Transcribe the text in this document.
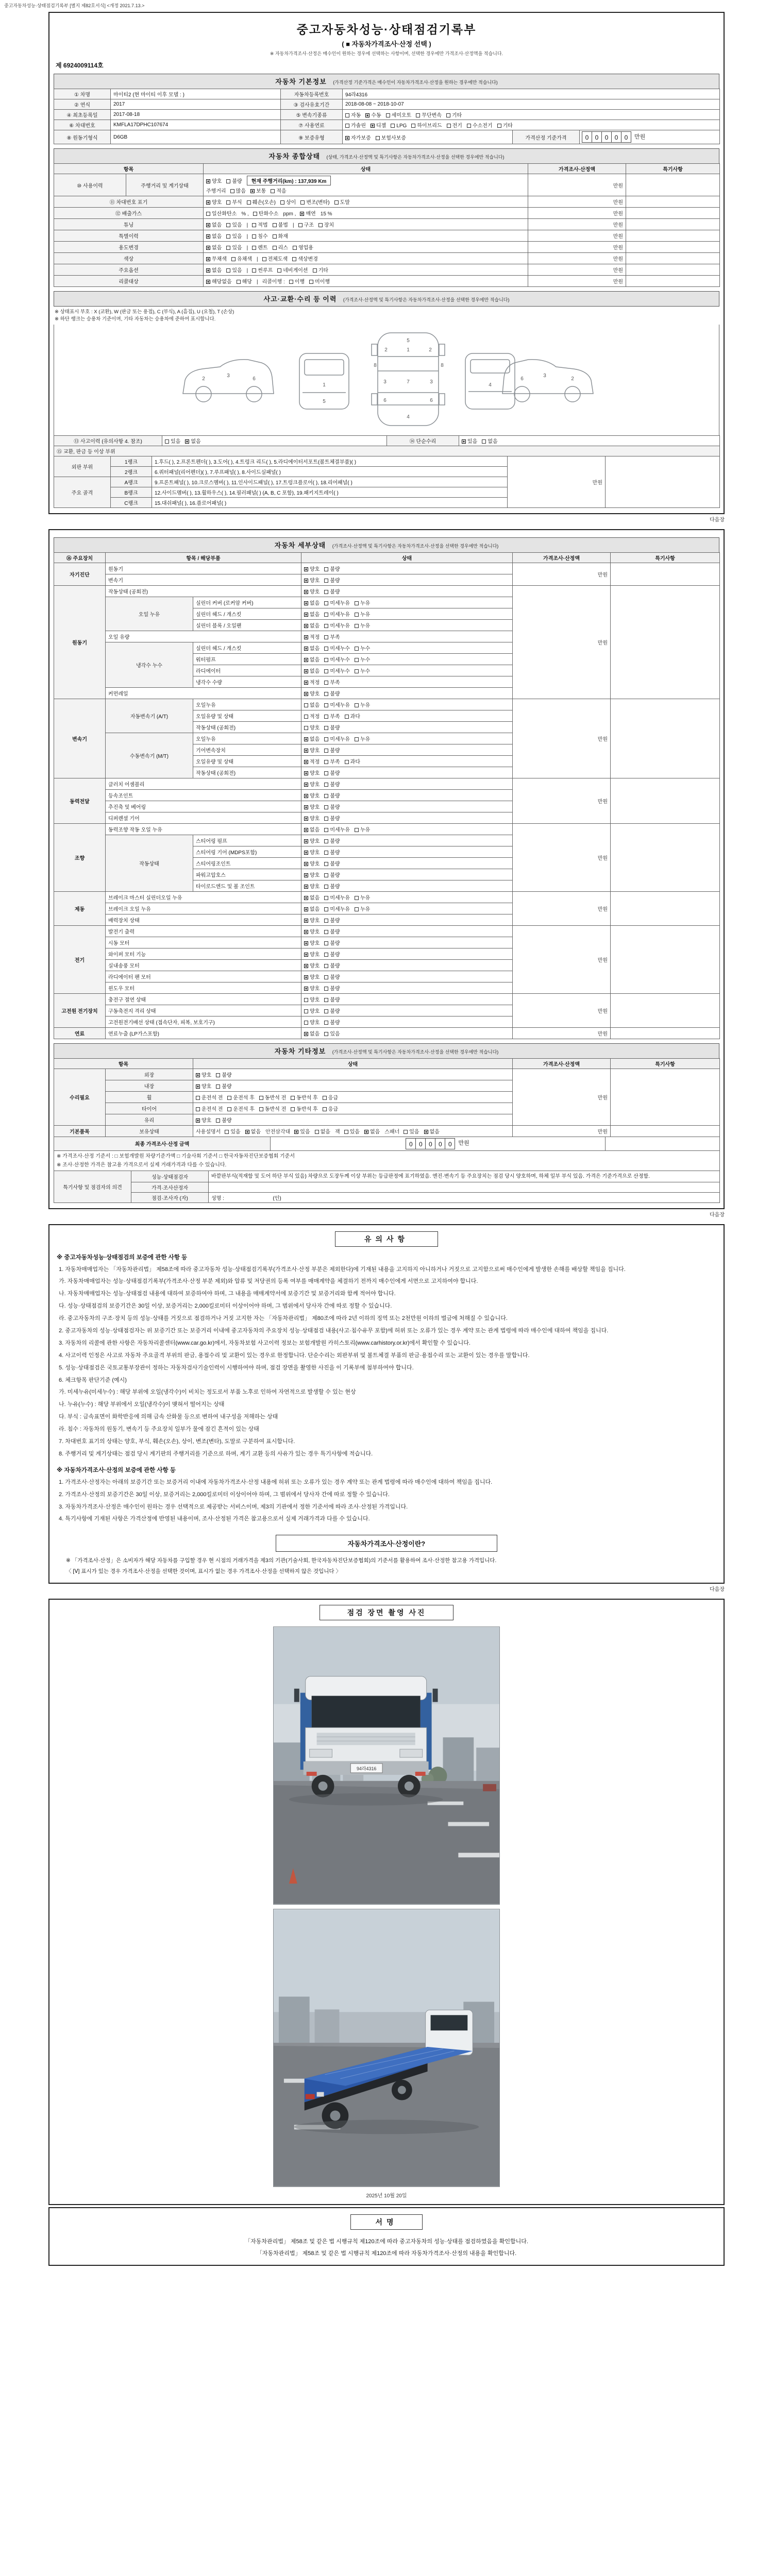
중고자동차성능·상태점검기록부 [별지 제82호서식] <개정 2021.7.13.>
중고자동차성능·상태점검기록부
( ■ 자동차가격조사·산정 선택 )
※ 자동차가격조사·산정은 매수인이 원하는 경우에 선택하는 사항이며, 선택한 경우에만 가격조사·산정액을 적습니다.
제 6924009114호
자동차 기본정보 (가격산정 기준가격은 매수인이 자동차가격조사·산정을 원하는 경우에만 적습니다)
① 차명	마이티2 (현 마이티 이후 모델 : )	자동차등록번호	94라4316		
② 연식	2017	③ 검사유효기간	2018-08-08 ~ 2018-10-07		
④ 최초등록일	2017-08-18	⑤ 변속기종류	자동 수동 세미오토 무단변속 기타		
⑥ 차대번호	KMFLA17DPHC107674	⑦ 사용연료	가솔린 디젤 LPG 하이브리드 전기 수소전기 기타		
⑧ 원동기형식	D6GB	⑨ 보증유형	자가보증 보험사보증	가격산정 기준가격	0 0 0 0 0 만원
자동차 종합상태 (상태, 가격조사·산정액 및 특기사항은 자동차가격조사·산정을 선택한 경우에만 적습니다)
항목		상태	가격조사·산정액	특기사항
⑩ 사용이력	주행거리 및 계기상태	양호 불량 현재 주행거리(km) : 137,939 Km
주행거리 많음 보통 적음	만원	
⑪ 차대번호 표기		양호 부식 훼손(오손) 상이 변조(변타) 도말	만원	
⑫ 배출가스		일산화탄소 % , 탄화수소 ppm , 매연 15 %	만원	
튜닝		없음 있음 | 적법 불법 | 구조 장치	만원	
특별이력		없음 있음 | 침수 화재	만원	
용도변경		없음 있음 | 렌트 리스 영업용	만원	
색상		무채색 유채색 | 전체도색 색상변경	만원	
주요옵션		없음 있음 | 썬루프 네비게이션 기타	만원	
리콜대상		해당없음 해당 | 리콜이행 : 이행 미이행	만원	
사고·교환·수리 등 이력 (가격조사·산정액 및 특기사항은 자동차가격조사·산정을 선택한 경우에만 적습니다)
※ 상태표시 부호 : X (교환), W (판금 또는 용접), C (부식), A (흠집), U (요철), T (손상)
※ 하단 랭크는 승용차 기준이며, 기타 자동차는 승용차에 준하여 표시합니다.
2
3
6
1
5
5
1
2	2
3	3
7
6	6
4
8	8
4
6
3
2
⑬ 사고이력 (유의사항 4. 참조)	있음 없음	⑭ 단순수리	있음 없음
⑮ 교환, 판금 등 이상 부위				
외판 부위	1랭크	1.후드( ), 2.프론트펜더( ), 3.도어( ), 4.트렁크 리드( ), 5.라디에이터서포트(볼트체결부품)( )	만원	
	2랭크	6.쿼터패널(리어펜더)( ), 7.루프패널( ), 8.사이드실패널( )		
주요 골격	A랭크	9.프론트패널( ), 10.크로스멤버( ), 11.인사이드패널( ), 17.트렁크플로어( ), 18.리어패널( )		
	B랭크	12.사이드멤버( ), 13.휠하우스( ), 14.필러패널( ) (A, B, C 포함), 19.패키지트레이( )		
	C랭크	15.대쉬패널( ), 16.플로어패널( )		
다음장
자동차 세부상태 (가격조사·산정액 및 특기사항은 자동차가격조사·산정을 선택한 경우에만 적습니다)
⑯ 주요장치	항목 / 해당부품		상태	가격조사·산정액	특기사항
자기진단	원동기		양호 불량	만원	
	변속기		양호 불량		

원동기	작동상태 (공회전)		양호 불량	만원	
	오일 누유	실린더 커버 (로커암 커버)	없음 미세누유 누유		

		실린더 헤드 / 개스킷	없음 미세누유 누유		

		실린더 블록 / 오일팬	없음 미세누유 누유		

	오일 유량		적정 부족		

	냉각수 누수	실린더 헤드 / 개스킷	없음 미세누수 누수		

		워터펌프	없음 미세누수 누수		

		라디에이터	없음 미세누수 누수		

		냉각수 수량	적정 부족		

	커먼레일		양호 불량		

변속기	자동변속기 (A/T)	오일누유	없음 미세누유 누유	만원	
		오일유량 및 상태	적정 부족 과다		

		작동상태 (공회전)	양호 불량		

	수동변속기 (M/T)	오일누유	없음 미세누유 누유		

		기어변속장치	양호 불량		

		오일유량 및 상태	적정 부족 과다		

		작동상태 (공회전)	양호 불량		

동력전달	클러치 어셈블리		양호 불량	만원	
	등속조인트		양호 불량		

	추진축 및 베어링		양호 불량		

	디퍼렌셜 기어		양호 불량		

조향	동력조향 작동 오일 누유		없음 미세누유 누유	만원	
	작동상태	스티어링 펌프	양호 불량		

		스티어링 기어 (MDPS포함)	양호 불량		

		스티어링조인트	양호 불량		

		파워고압호스	양호 불량		

		타이로드엔드 및 볼 조인트	양호 불량		

제동	브레이크 마스터 실린더오일 누유		없음 미세누유 누유	만원	
	브레이크 오일 누유		없음 미세누유 누유		

	배력장치 상태		양호 불량		

전기	발전기 출력		양호 불량	만원	
	시동 모터		양호 불량		

	와이퍼 모터 기능		양호 불량		

	실내송풍 모터		양호 불량		

	라디에이터 팬 모터		양호 불량		

	윈도우 모터		양호 불량		

고전원 전기장치	충전구 절연 상태		양호 불량	만원	
	구동축전지 격리 상태		양호 불량		

	고전원전기배선 상태 (접속단자, 피복, 보호기구)		양호 불량		

연료	연료누출 (LP가스포함)		없음 있음	만원	
자동차 기타정보 (가격조사·산정액 및 특기사항은 자동차가격조사·산정을 선택한 경우에만 적습니다)
항목		상태	가격조사·산정액	특기사항
수리필요	외장	양호 불량	만원	
	내장	양호 불량		

	휠	운전석 전 운전석 후 동반석 전 동반석 후 응급		

	타이어	운전석 전 운전석 후 동반석 전 동반석 후 응급		

	유리	양호 불량		

기본품목	보유상태	사용설명서 있음 없음 안전삼각대 있음 없음 잭 있음 없음 스패너 있음 없음	만원	
최종 가격조사·산정 금액	0 0 0 0 0 만원	

※ 가격조사·산정 기준서 : □ 보험개발원 차량기준가액 □ 기술사회 기준서 □ 한국자동차진단보증협회 기준서
※ 조사·산정한 가격은 참고용 가격으로서 실제 거래가격과 다를 수 있습니다.
특기사항 및 점검자의 의견	성능·상태점검자	바깥판부식(적재함 및 도어 하단 부식 있음) 차량으로 도장두께 이상 부위는 등급판정에 표기하였음. 엔진·변속기 등 주요장치는 점검 당시 양호하며, 하체 일부 부식 있음. 가격은 기준가격으로 산정함.
	가격·조사산정자	
	점검·조사자 (자)	성명 :                                  (인)
다음장
유의사항
※ 중고자동차성능·상태점검의 보증에 관한 사항 등
1. 자동차매매업자는 「자동차관리법」 제58조에 따라 중고자동차 성능·상태점검기록부(가격조사·산정 부분은 제외한다)에 기재된 내용을 고지하지 아니하거나 거짓으로 고지함으로써 매수인에게 발생한 손해를 배상할 책임을 집니다.
가. 자동차매매업자는 성능·상태점검기록부(가격조사·산정 부분 제외)와 압류 및 저당권의 등록 여부를 매매계약을 체결하기 전까지 매수인에게 서면으로 고지하여야 합니다.
나. 자동차매매업자는 성능·상태점검 내용에 대하여 보증하여야 하며, 그 내용을 매매계약서에 보증기간 및 보증거리와 함께 적어야 합니다.
다. 성능·상태점검의 보증기간은 30일 이상, 보증거리는 2,000킬로미터 이상이어야 하며, 그 범위에서 당사자 간에 따로 정할 수 있습니다.
라. 중고자동차의 구조·장치 등의 성능·상태를 거짓으로 점검하거나 거짓 고지한 자는 「자동차관리법」 제80조에 따라 2년 이하의 징역 또는 2천만원 이하의 벌금에 처해질 수 있습니다.
2. 중고자동차의 성능·상태점검자는 위 보증기간 또는 보증거리 이내에 중고자동차의 주요장치 성능·상태점검 내용(사고·침수유무 포함)에 허위 또는 오류가 있는 경우 계약 또는 관계 법령에 따라 매수인에 대하여 책임을 집니다.
3. 자동차의 리콜에 관한 사항은 자동차리콜센터(www.car.go.kr)에서, 자동차보험 사고이력 정보는 보험개발원 카히스토리(www.carhistory.or.kr)에서 확인할 수 있습니다.
4. 사고이력 인정은 사고로 자동차 주요골격 부위의 판금, 용접수리 및 교환이 있는 경우로 한정합니다. 단순수리는 외판부위 및 볼트체결 부품의 판금·용접수리 또는 교환이 있는 경우를 말합니다.
5. 성능·상태점검은 국토교통부장관이 정하는 자동차검사기술인력이 시행하여야 하며, 점검 장면을 촬영한 사진을 이 기록부에 첨부하여야 합니다.
6. 체크항목 판단기준 (예시)
가. 미세누유(미세누수) : 해당 부위에 오일(냉각수)이 비치는 정도로서 부품 노후로 인하여 자연적으로 발생할 수 있는 현상
나. 누유(누수) : 해당 부위에서 오일(냉각수)이 맺혀서 떨어지는 상태
다. 부식 : 금속표면이 화학반응에 의해 금속 산화물 등으로 변하여 내구성을 저해하는 상태
라. 침수 : 자동차의 원동기, 변속기 등 주요장치 일부가 물에 잠긴 흔적이 있는 상태
7. 차대번호 표기의 상태는 양호, 부식, 훼손(오손), 상이, 변조(변타), 도말로 구분하여 표시합니다.
8. 주행거리 및 계기상태는 점검 당시 계기판의 주행거리를 기준으로 하며, 계기 교환 등의 사유가 있는 경우 특기사항에 적습니다.
※ 자동차가격조사·산정의 보증에 관한 사항 등
1. 가격조사·산정자는 아래의 보증기간 또는 보증거리 이내에 자동차가격조사·산정 내용에 허위 또는 오류가 있는 경우 계약 또는 관계 법령에 따라 매수인에 대하여 책임을 집니다.
2. 가격조사·산정의 보증기간은 30일 이상, 보증거리는 2,000킬로미터 이상이어야 하며, 그 범위에서 당사자 간에 따로 정할 수 있습니다.
3. 자동차가격조사·산정은 매수인이 원하는 경우 선택적으로 제공받는 서비스이며, 제3의 기관에서 정한 기준서에 따라 조사·산정된 가격입니다.
4. 특기사항에 기재된 사항은 가격산정에 반영된 내용이며, 조사·산정된 가격은 참고용으로서 실제 거래가격과 다를 수 있습니다.
자동차가격조사·산정이란?
※ 「가격조사·산정」은 소비자가 해당 자동차를 구입할 경우 현 시점의 거래가격을 제3의 기관(기술사회, 한국자동차진단보증협회)의 기준서를 활용하여 조사·산정한 참고용 가격입니다.
〈 [Ⅴ] 표시가 있는 경우 가격조사·산정을 선택한 것이며, 표시가 없는 경우 가격조사·산정을 선택하지 않은 것입니다 〉
다음장
점검 장면 촬영 사진
94라4316
2025년 10월 20일
서명
「자동차관리법」 제58조 및 같은 법 시행규칙 제120조에 따라 중고자동차의 성능·상태를 점검하였음을 확인합니다.
「자동차관리법」 제58조 및 같은 법 시행규칙 제120조에 따라 자동차가격조사·산정의 내용을 확인합니다.
